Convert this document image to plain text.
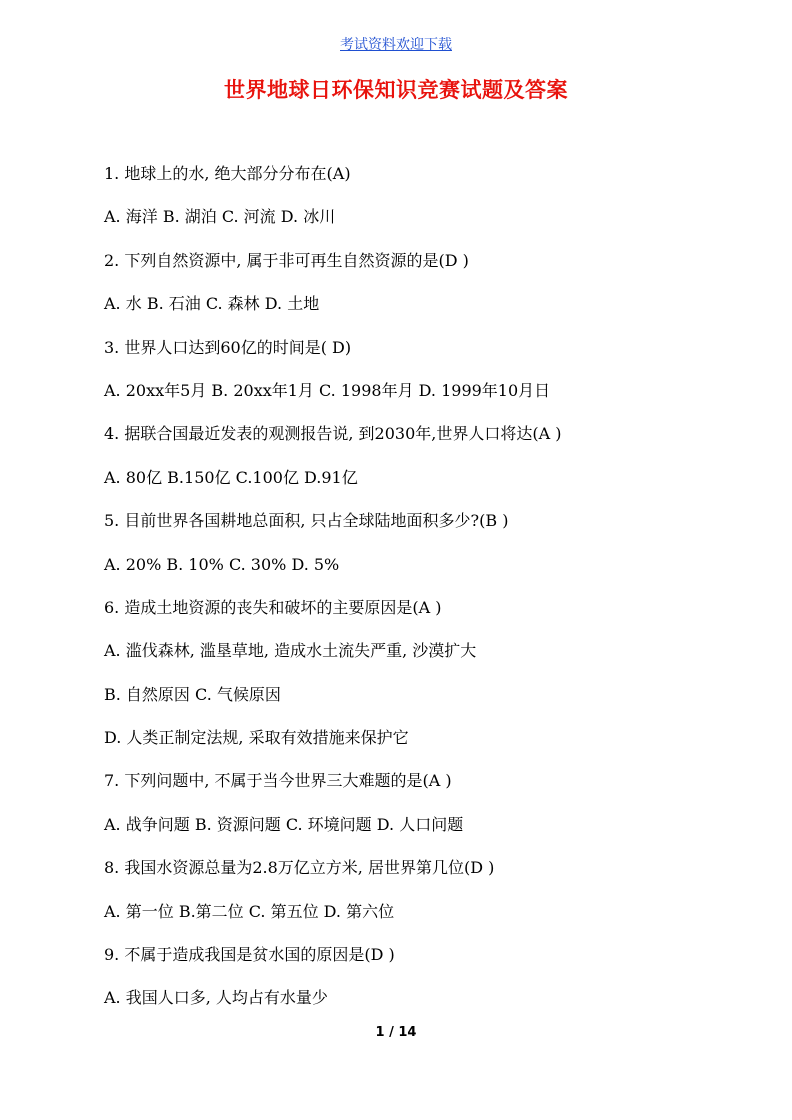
考试资料欢迎下载
世界地球日环保知识竞赛试题及答案
1. 地球上的水, 绝大部分分布在(A)
A. 海洋 B. 湖泊 C. 河流 D. 冰川
2. 下列自然资源中, 属于非可再生自然资源的是(D )
A. 水 B. 石油 C. 森林 D. 土地
3. 世界人口达到60亿的时间是( D)
A. 20xx年5月 B. 20xx年1月 C. 1998年月 D. 1999年10月日
4. 据联合国最近发表的观测报告说, 到2030年,世界人口将达(A )
A. 80亿 B.150亿 C.100亿 D.91亿
5. 目前世界各国耕地总面积, 只占全球陆地面积多少?(B )
A. 20% B. 10% C. 30% D. 5%
6. 造成土地资源的丧失和破坏的主要原因是(A )
A. 滥伐森林, 滥垦草地, 造成水土流失严重, 沙漠扩大
B. 自然原因 C. 气候原因
D. 人类正制定法规, 采取有效措施来保护它
7. 下列问题中, 不属于当今世界三大难题的是(A )
A. 战争问题 B. 资源问题 C. 环境问题 D. 人口问题
8. 我国水资源总量为2.8万亿立方米, 居世界第几位(D )
A. 第一位 B.第二位 C. 第五位 D. 第六位
9. 不属于造成我国是贫水国的原因是(D )
A. 我国人口多, 人均占有水量少
1 / 14
